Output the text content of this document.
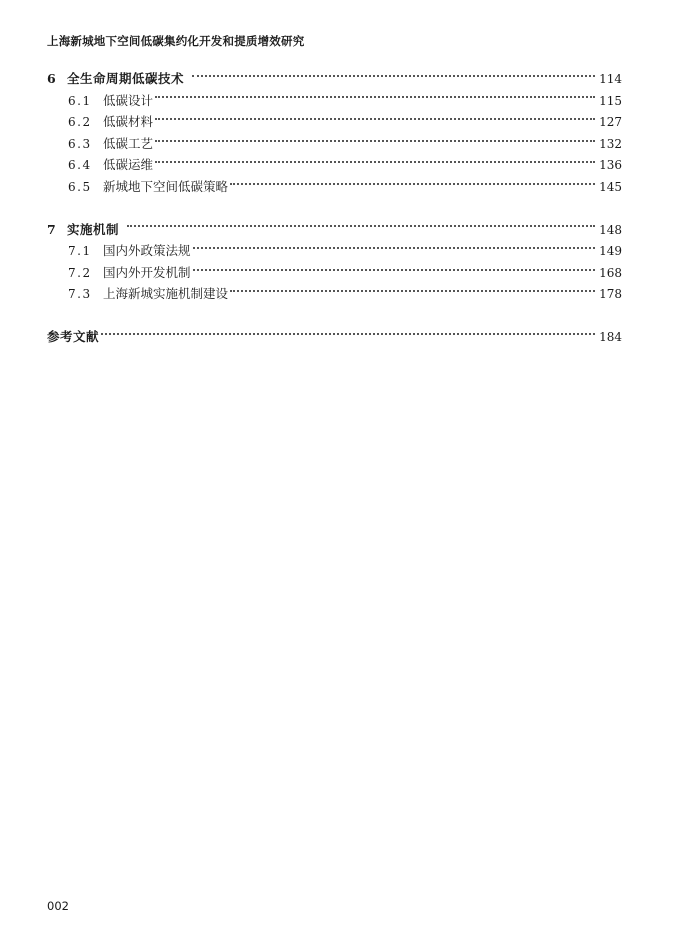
上海新城地下空间低碳集约化开发和提质增效研究
6 全生命周期低碳技术	114
6.1 低碳设计	115
6.2 低碳材料	127
6.3 低碳工艺	132
6.4 低碳运维	136
6.5 新城地下空间低碳策略	145
7 实施机制	148
7.1 国内外政策法规	149
7.2 国内外开发机制	168
7.3 上海新城实施机制建设	178
参考文献	184
002
